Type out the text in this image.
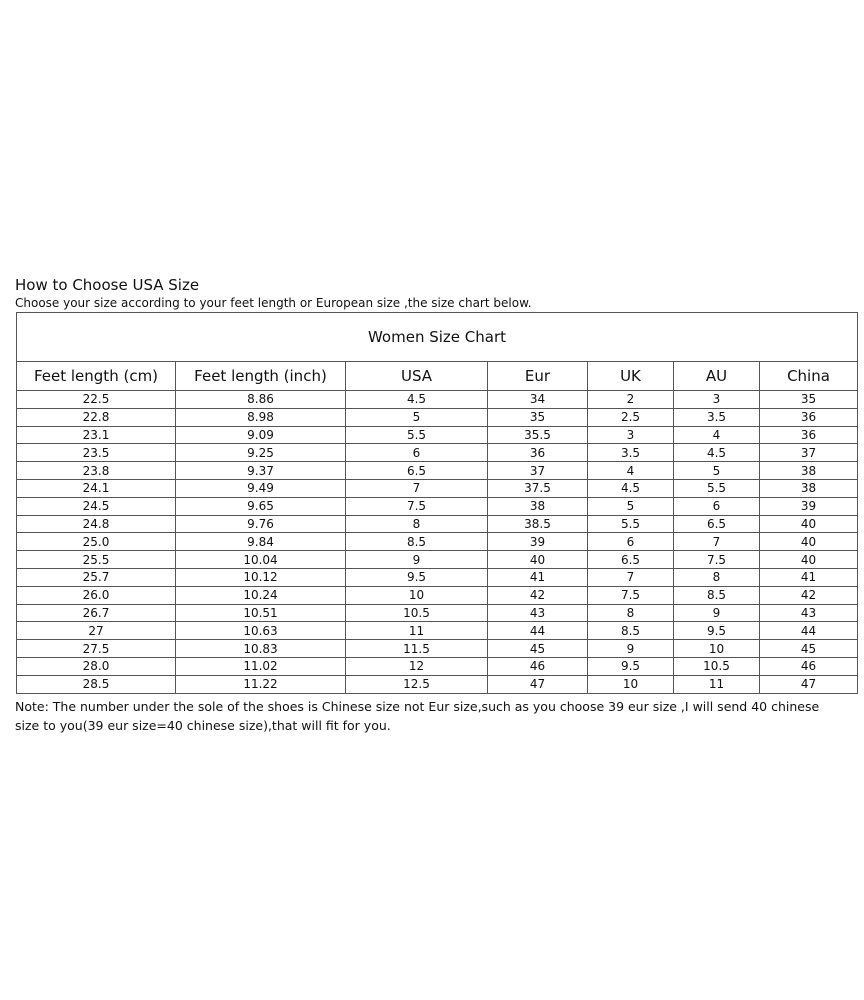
How to Choose USA Size
Choose your size according to your feet length or European size ,the size chart below.
Women Size Chart						
Feet length (cm)	Feet length (inch)	USA	Eur	UK	AU	China
22.5	8.86	4.5	34	2	3	35
22.8	8.98	5	35	2.5	3.5	36
23.1	9.09	5.5	35.5	3	4	36
23.5	9.25	6	36	3.5	4.5	37
23.8	9.37	6.5	37	4	5	38
24.1	9.49	7	37.5	4.5	5.5	38
24.5	9.65	7.5	38	5	6	39
24.8	9.76	8	38.5	5.5	6.5	40
25.0	9.84	8.5	39	6	7	40
25.5	10.04	9	40	6.5	7.5	40
25.7	10.12	9.5	41	7	8	41
26.0	10.24	10	42	7.5	8.5	42
26.7	10.51	10.5	43	8	9	43
27	10.63	11	44	8.5	9.5	44
27.5	10.83	11.5	45	9	10	45
28.0	11.02	12	46	9.5	10.5	46
28.5	11.22	12.5	47	10	11	47
Note: The number under the sole of the shoes is Chinese size not Eur size,such as you choose 39 eur size ,I will send 40 chinese size to you(39 eur size=40 chinese size),that will fit for you.
